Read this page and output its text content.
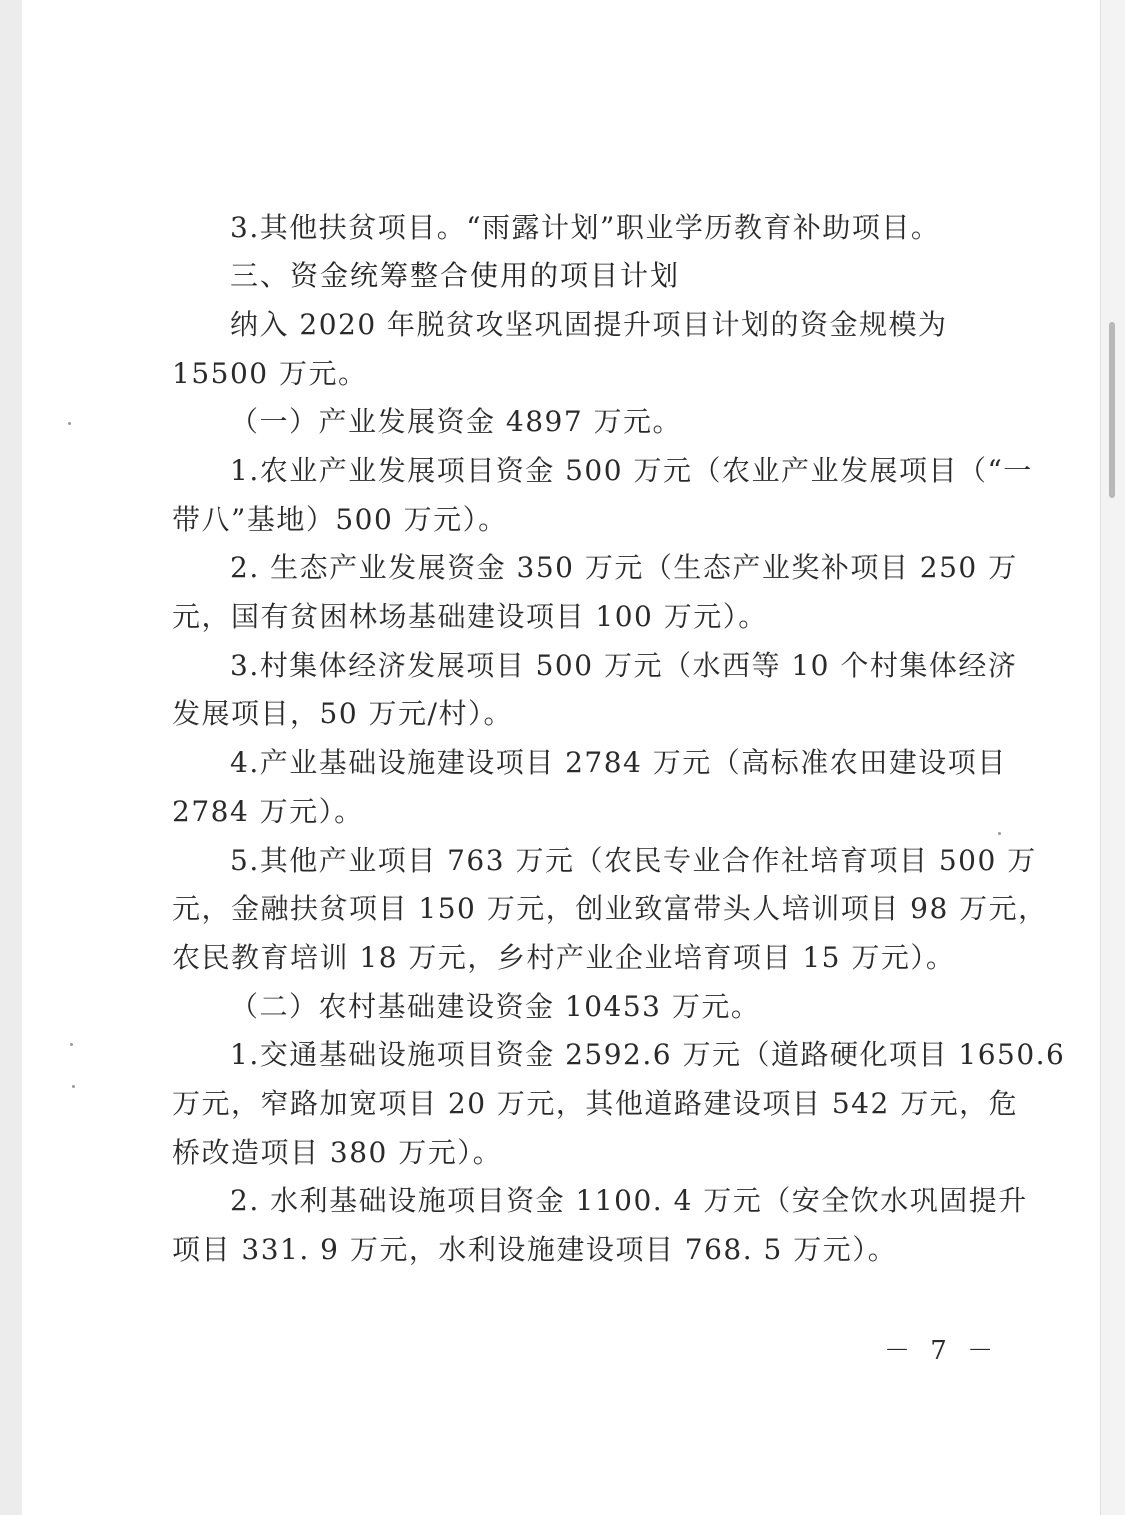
3.其他扶贫项目。“雨露计划”职业学历教育补助项目。
三、资金统筹整合使用的项目计划
纳入 2020 年脱贫攻坚巩固提升项目计划的资金规模为
15500 万元。
（一）产业发展资金 4897 万元。
1.农业产业发展项目资金 500 万元（农业产业发展项目（“一
带八”基地）500 万元）。
2. 生态产业发展资金 350 万元（生态产业奖补项目 250 万
元，国有贫困林场基础建设项目 100 万元）。
3.村集体经济发展项目 500 万元（水西等 10 个村集体经济
发展项目，50 万元/村）。
4.产业基础设施建设项目 2784 万元（高标准农田建设项目
2784 万元）。
5.其他产业项目 763 万元（农民专业合作社培育项目 500 万
元，金融扶贫项目 150 万元，创业致富带头人培训项目 98 万元，
农民教育培训 18 万元，乡村产业企业培育项目 15 万元）。
（二）农村基础建设资金 10453 万元。
1.交通基础设施项目资金 2592.6 万元（道路硬化项目 1650.6
万元，窄路加宽项目 20 万元，其他道路建设项目 542 万元，危
桥改造项目 380 万元）。
2. 水利基础设施项目资金 1100. 4 万元（安全饮水巩固提升
项目 331. 9 万元，水利设施建设项目 768. 5 万元）。
－ 7 －
